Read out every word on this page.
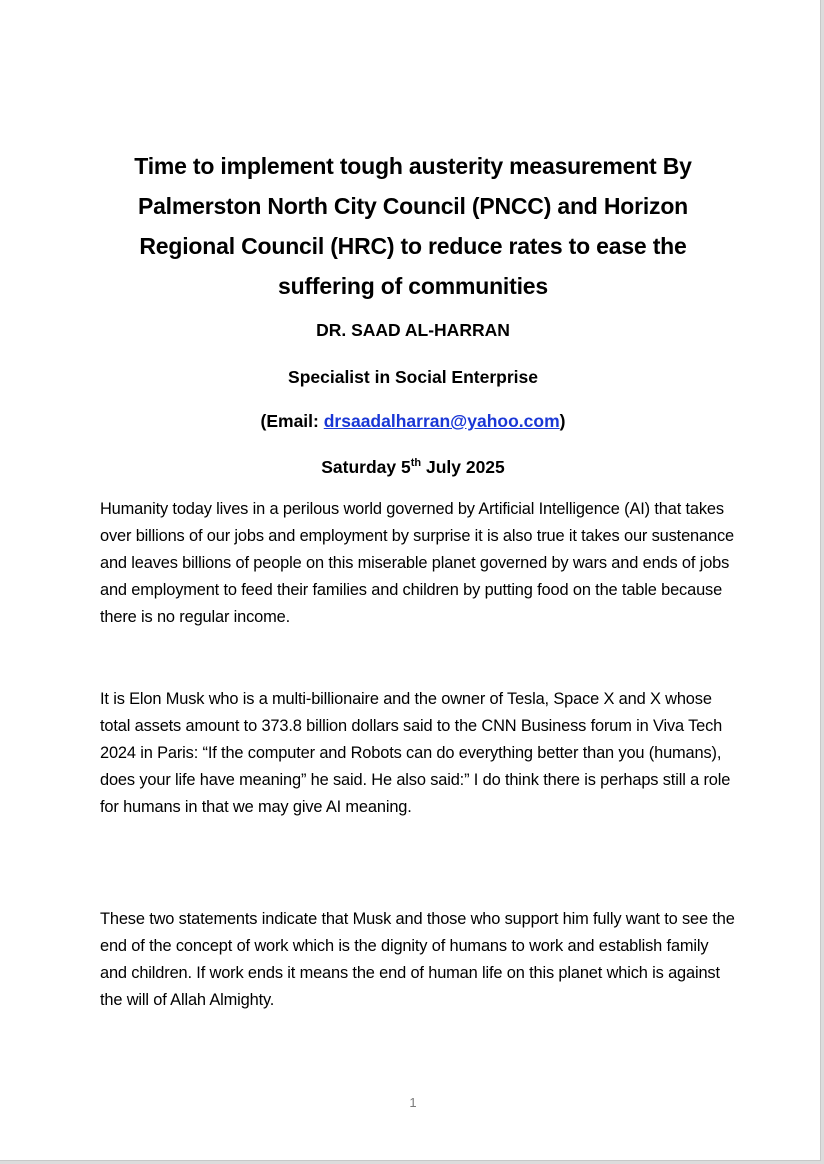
Time to implement tough austerity measurement By Palmerston North City Council (PNCC) and Horizon Regional Council (HRC) to reduce rates to ease the suffering of communities

DR. SAAD AL-HARRAN

Specialist in Social Enterprise

(Email: drsaadalharran@yahoo.com)

Saturday 5th July 2025

Humanity today lives in a perilous world governed by Artificial Intelligence (AI) that takes over billions of our jobs and employment by surprise it is also true it takes our sustenance and leaves billions of people on this miserable planet governed by wars and ends of jobs and employment to feed their families and children by putting food on the table because there is no regular income.

It is Elon Musk who is a multi-billionaire and the owner of Tesla, Space X and X whose total assets amount to 373.8 billion dollars said to the CNN Business forum in Viva Tech 2024 in Paris: “If the computer and Robots can do everything better than you (humans), does your life have meaning” he said. He also said:” I do think there is perhaps still a role for humans in that we may give AI meaning.

These two statements indicate that Musk and those who support him fully want to see the end of the concept of work which is the dignity of humans to work and establish family and children. If work ends it means the end of human life on this planet which is against the will of Allah Almighty.

1
